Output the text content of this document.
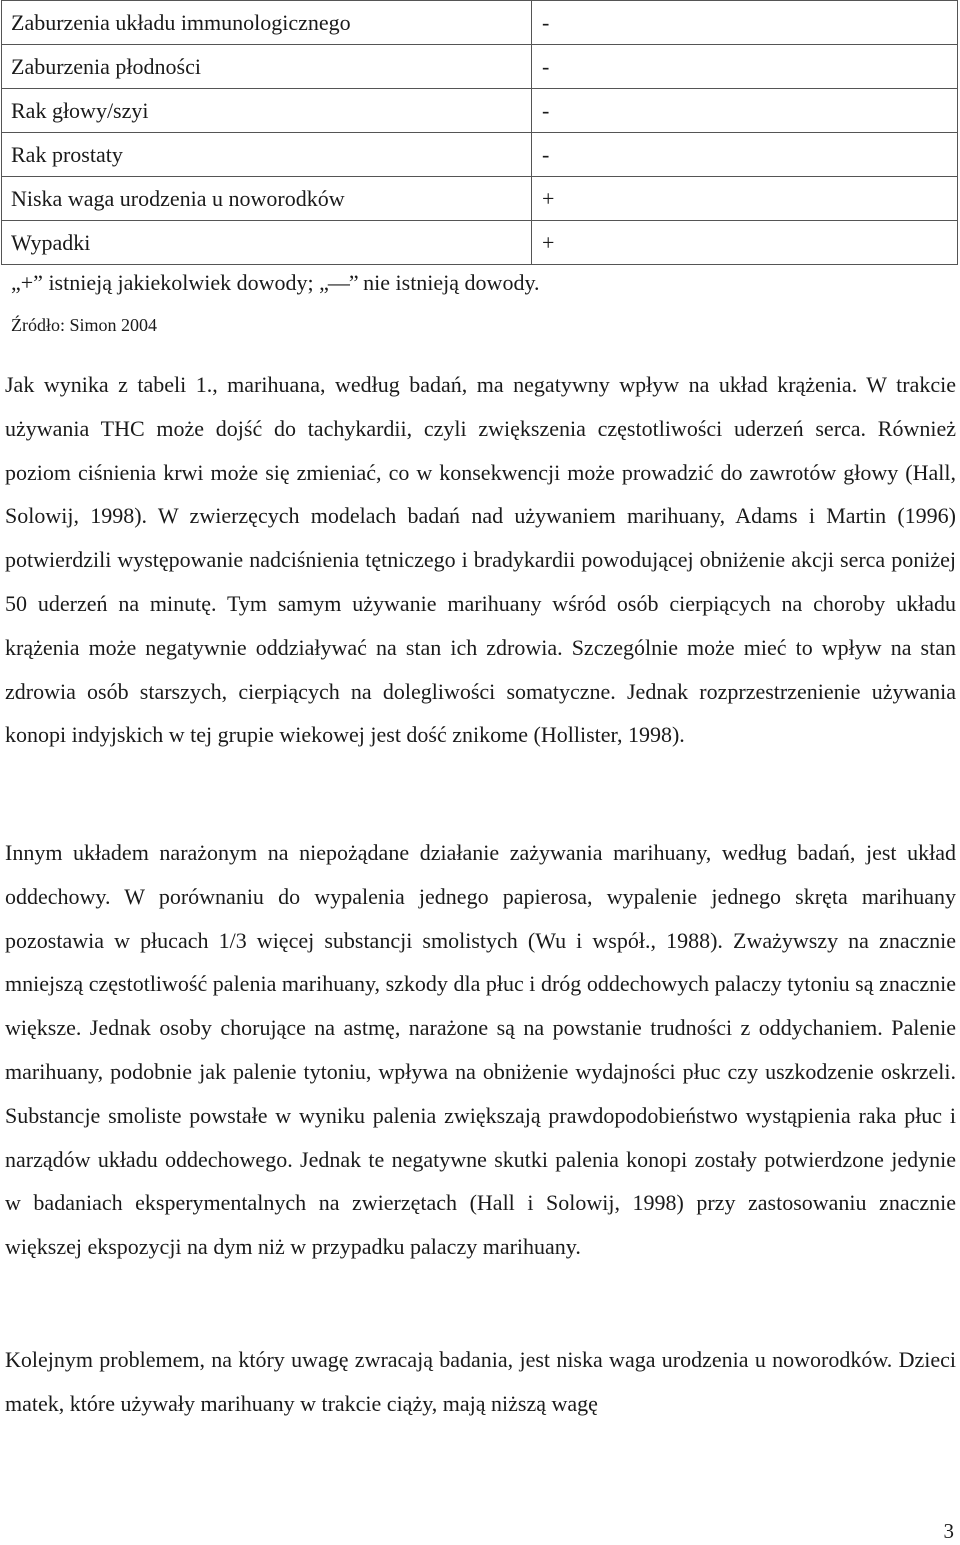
Zaburzenia układu immunologicznego	-
Zaburzenia płodności	-
Rak głowy/szyi	-
Rak prostaty	-
Niska waga urodzenia u noworodków	+
Wypadki	+
„+” istnieją jakiekolwiek dowody; „—” nie istnieją dowody.
Źródło: Simon 2004

Jak wynika z tabeli 1., marihuana, według badań, ma negatywny wpływ na układ krążenia. W trakcie używania THC może dojść do tachykardii, czyli zwiększenia częstotliwości uderzeń serca. Również poziom ciśnienia krwi może się zmieniać, co w konsekwencji może prowadzić do zawrotów głowy (Hall, Solowij, 1998). W zwierzęcych modelach badań nad używaniem marihuany, Adams i Martin (1996) potwierdzili występowanie nadciśnienia tętniczego i bradykardii powodującej obniżenie akcji serca poniżej 50 uderzeń na minutę. Tym samym używanie marihuany wśród osób cierpiących na choroby układu krążenia może negatywnie oddziaływać na stan ich zdrowia. Szczególnie może mieć to wpływ na stan zdrowia osób starszych, cierpiących na dolegliwości somatyczne. Jednak rozprzestrzenienie używania konopi indyjskich w tej grupie wiekowej jest dość znikome (Hollister, 1998).

Innym układem narażonym na niepożądane działanie zażywania marihuany, według badań, jest układ oddechowy. W porównaniu do wypalenia jednego papierosa, wypalenie jednego skręta marihuany pozostawia w płucach 1/3 więcej substancji smolistych (Wu i współ., 1988). Zważywszy na znacznie mniejszą częstotliwość palenia marihuany, szkody dla płuc i dróg oddechowych palaczy tytoniu są znacznie większe. Jednak osoby chorujące na astmę, narażone są na powstanie trudności z oddychaniem. Palenie marihuany, podobnie jak palenie tytoniu, wpływa na obniżenie wydajności płuc czy uszkodzenie oskrzeli. Substancje smoliste powstałe w wyniku palenia zwiększają prawdopodobieństwo wystąpienia raka płuc i narządów układu oddechowego. Jednak te negatywne skutki palenia konopi zostały potwierdzone jedynie w badaniach eksperymentalnych na zwierzętach (Hall i Solowij, 1998) przy zastosowaniu znacznie większej ekspozycji na dym niż w przypadku palaczy marihuany.

Kolejnym problemem, na który uwagę zwracają badania, jest niska waga urodzenia u noworodków. Dzieci matek, które używały marihuany w trakcie ciąży, mają niższą wagę

3
